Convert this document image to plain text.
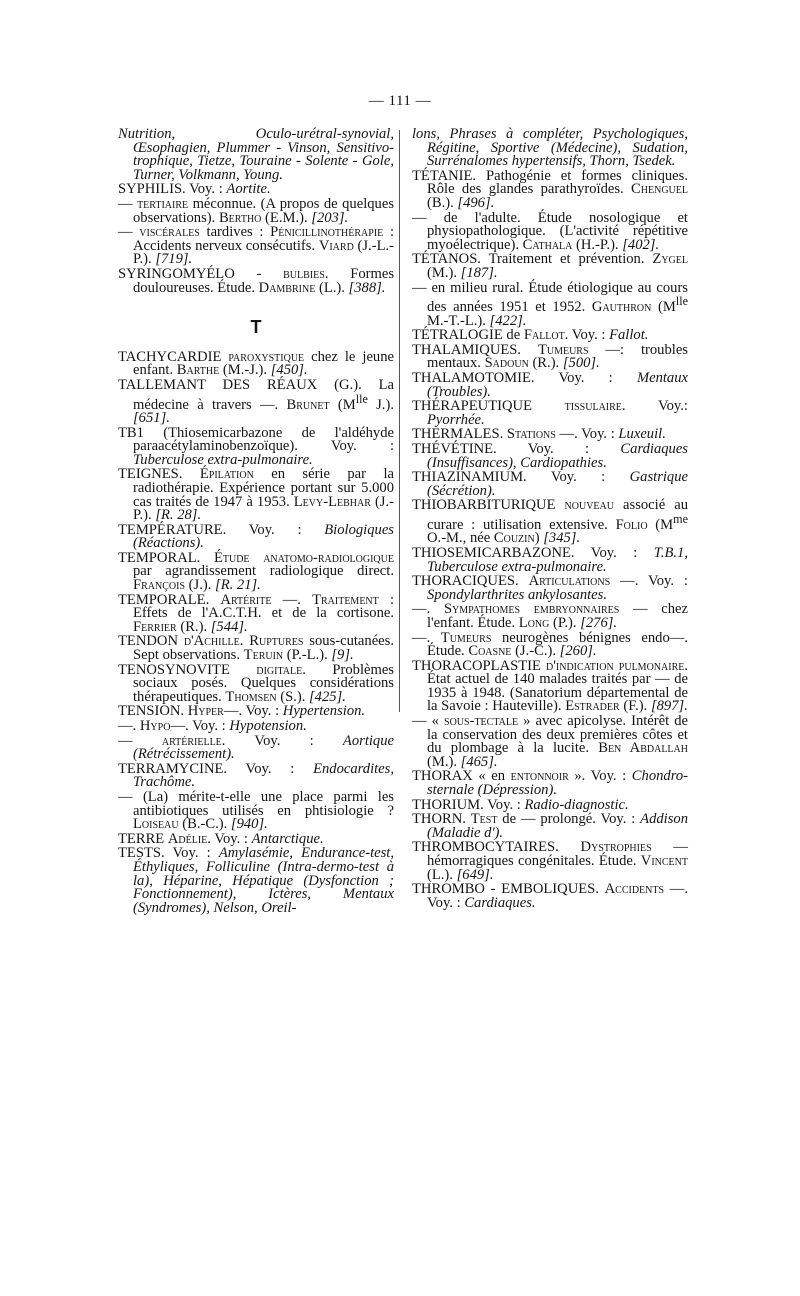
— 111 —
Nutrition, Oculo-urétral-synovial, Œsophagien, Plummer - Vinson, Sensitivo-trophique, Tietze, Touraine - Solente - Gole, Turner, Volkmann, Young.
SYPHILIS. Voy. : Aortite.
— tertiaire méconnue. (A propos de quelques observations). Bertho (E.M.). [203].
— viscérales tardives : Pénicillinothérapie : Accidents nerveux consécutifs. Viard (J.-L.-P.). [719].
SYRINGOMYÉLO - bulbies. Formes douloureuses. Étude. Dambrine (L.). [388].
T
TACHYCARDIE paroxystique chez le jeune enfant. Barthe (M.-J.). [450].
TALLEMANT DES RÉAUX (G.). La médecine à travers —. Brunet ($M^{lle}$ J.). [651].
TB1 (Thiosemicarbazone de l'aldéhyde paraacétylaminobenzoïque). Voy. : Tuberculose extra-pulmonaire.
TEIGNES. Épilation en série par la radiothérapie. Expérience portant sur 5.000 cas traités de 1947 à 1953. Levy-Lebhar (J.-P.). [R. 28].
TEMPÉRATURE. Voy. : Biologiques (Réactions).
TEMPORAL. Étude anatomo-radiologique par agrandissement radiologique direct. François (J.). [R. 21].
TEMPORALE. Artérite —. Traitement : Effets de l'A.C.T.H. et de la cortisone. Ferrier (R.). [544].
TENDON d'Achille. Ruptures sous-cutanées. Sept observations. Teruin (P.-L.). [9].
TENOSYNOVITE digitale. Problèmes sociaux posés. Quelques considérations thérapeutiques. Thomsen (S.). [425].
TENSION. Hyper—. Voy. : Hypertension.
—. Hypo—. Voy. : Hypotension.
— artérielle. Voy. : Aortique (Rétrécissement).
TERRAMYCINE. Voy. : Endocardites, Trachôme.
— (La) mérite-t-elle une place parmi les antibiotiques utilisés en phtisiologie ? Loiseau (B.-C.). [940].
TERRE Adélie. Voy. : Antarctique.
TESTS. Voy. : Amylasémie, Endurance-test, Éthyliques, Folliculine (Intra-dermo-test à la), Héparine, Hépatique (Dysfonction ; Fonctionnement), Ictères, Mentaux (Syndromes), Nelson, Oreil-
lons, Phrases à compléter, Psychologiques, Régitine, Sportive (Médecine), Sudation, Surrénalomes hypertensifs, Thorn, Tsedek.
TÉTANIE. Pathogénie et formes cliniques. Rôle des glandes parathyroïdes. Chenguel (B.). [496].
— de l'adulte. Étude nosologique et physiopathologique. (L'activité répétitive myoélectrique). Cathala (H.-P.). [402].
TÉTANOS. Traitement et prévention. Zygel (M.). [187].
— en milieu rural. Étude étiologique au cours des années 1951 et 1952. Gauthron ($M^{lle}$ M.-T.-L.). [422].
TÉTRALOGIE de Fallot. Voy. : Fallot.
THALAMIQUES. Tumeurs —: troubles mentaux. Sadoun (R.). [500].
THALAMOTOMIE. Voy. : Mentaux (Troubles).
THÉRAPEUTIQUE tissulaire. Voy.: Pyorrhée.
THERMALES. Stations —. Voy. : Luxeuil.
THÉVÉTINE. Voy. : Cardiaques (Insuffisances), Cardiopathies.
THIAZINAMIUM. Voy. : Gastrique (Sécrétion).
THIOBARBITURIQUE nouveau associé au curare : utilisation extensive. Folio ($M^{me}$ O.-M., née Couzin) [345].
THIOSEMICARBAZONE. Voy. : T.B.1, Tuberculose extra-pulmonaire.
THORACIQUES. Articulations —. Voy. : Spondylarthrites ankylosantes.
—. Sympathomes embryonnaires — chez l'enfant. Étude. Long (P.). [276].
—. Tumeurs neurogènes bénignes endo—. Étude. Coasne (J.-C.). [260].
THORACOPLASTIE d'indication pulmonaire. État actuel de 140 malades traités par — de 1935 à 1948. (Sanatorium départemental de la Savoie : Hauteville). Estrader (F.). [897].
— « sous-tectale » avec apicolyse. Intérêt de la conservation des deux premières côtes et du plombage à la lucite. Ben Abdallah (M.). [465].
THORAX « en entonnoir ». Voy. : Chondro-sternale (Dépression).
THORIUM. Voy. : Radio-diagnostic.
THORN. Test de — prolongé. Voy. : Addison (Maladie d').
THROMBOCYTAIRES. Dystrophies — hémorragiques congénitales. Étude. Vincent (L.). [649].
THROMBO - EMBOLIQUES. Accidents —. Voy. : Cardiaques.
